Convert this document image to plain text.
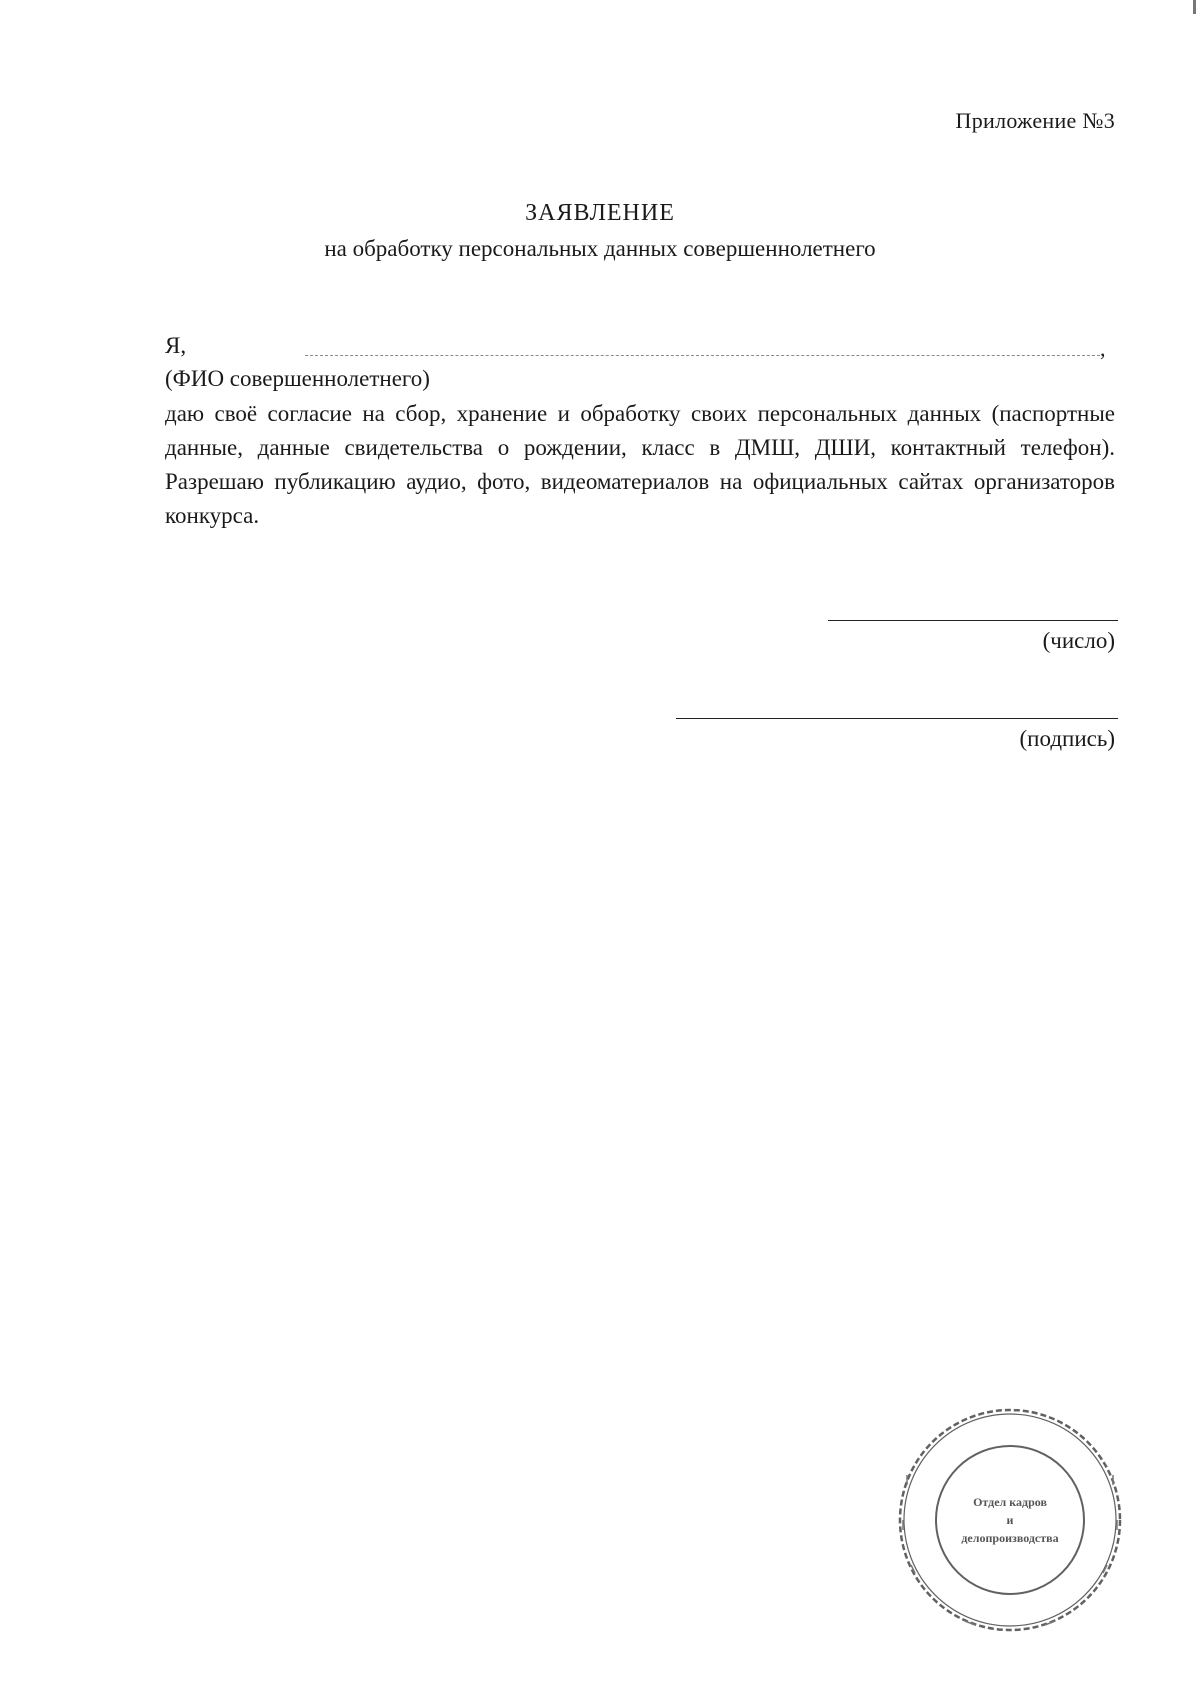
Приложение №3
ЗАЯВЛЕНИЕ
на обработку персональных данных совершеннолетнего
Я,	,
(ФИО совершеннолетнего)
даю своё согласие на сбор, хранение и обработку своих персональных данных (паспортные данные, данные свидетельства о рождении, класс в ДМШ, ДШИ, контактный телефон). Разрешаю публикацию аудио, фото, видеоматериалов на официальных сайтах организаторов конкурса.
(число)
(подпись)
Отдел кадров
и
делопроизводства
